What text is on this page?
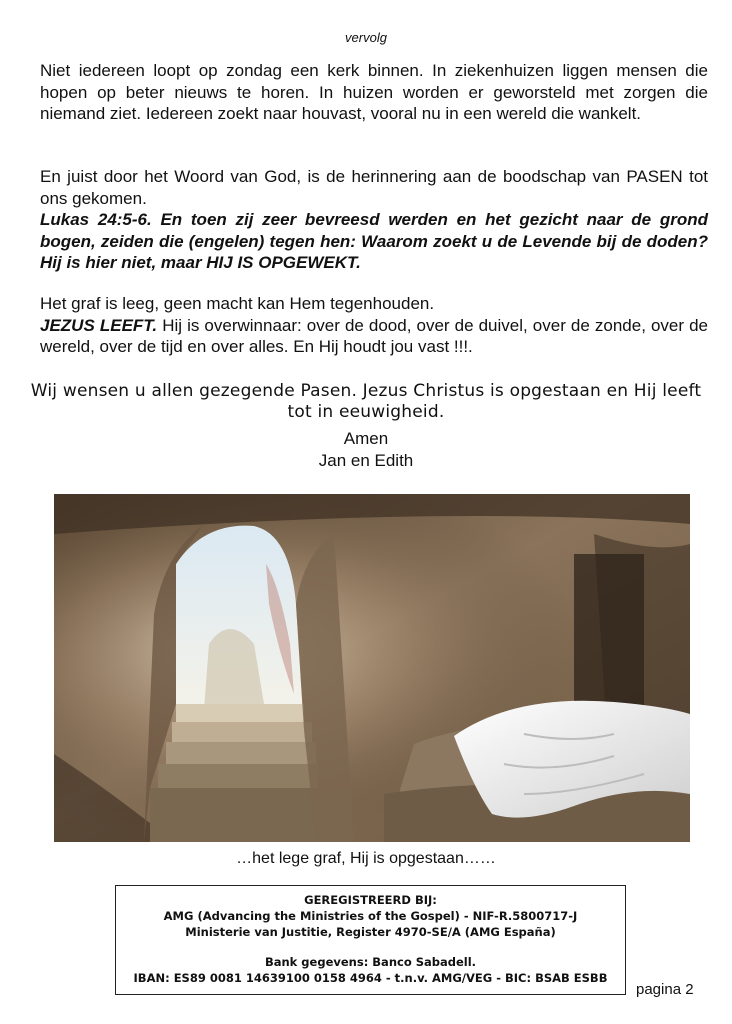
vervolg
Niet iedereen loopt op zondag een kerk binnen. In ziekenhuizen liggen mensen die hopen op beter nieuws te horen. In huizen worden er geworsteld met zorgen die niemand ziet. Iedereen zoekt naar houvast, vooral nu in een wereld die wankelt.
En juist door het Woord van God, is de herinnering aan de boodschap van PASEN tot ons gekomen.
Lukas 24:5-6. En toen zij zeer bevreesd werden en het gezicht naar de grond bogen, zeiden die (engelen) tegen hen: Waarom zoekt u de Levende bij de doden? Hij is hier niet, maar HIJ IS OPGEWEKT.
Het graf is leeg, geen macht kan Hem tegenhouden.
JEZUS LEEFT. Hij is overwinnaar: over de dood, over de duivel, over de zonde, over de wereld, over de tijd en over alles. En Hij houdt jou vast !!!.
Wij wensen u allen gezegende Pasen. Jezus Christus is opgestaan en Hij leeft tot in eeuwigheid.
Amen
Jan en Edith
…het lege graf, Hij is opgestaan……
GEREGISTREERD BIJ:
AMG (Advancing the Ministries of the Gospel) - NIF-R.5800717-J
Ministerie van Justitie, Register 4970-SE/A (AMG España)
Bank gegevens: Banco Sabadell.
IBAN: ES89 0081 14639100 0158 4964 - t.n.v. AMG/VEG - BIC: BSAB ESBB
pagina 2
